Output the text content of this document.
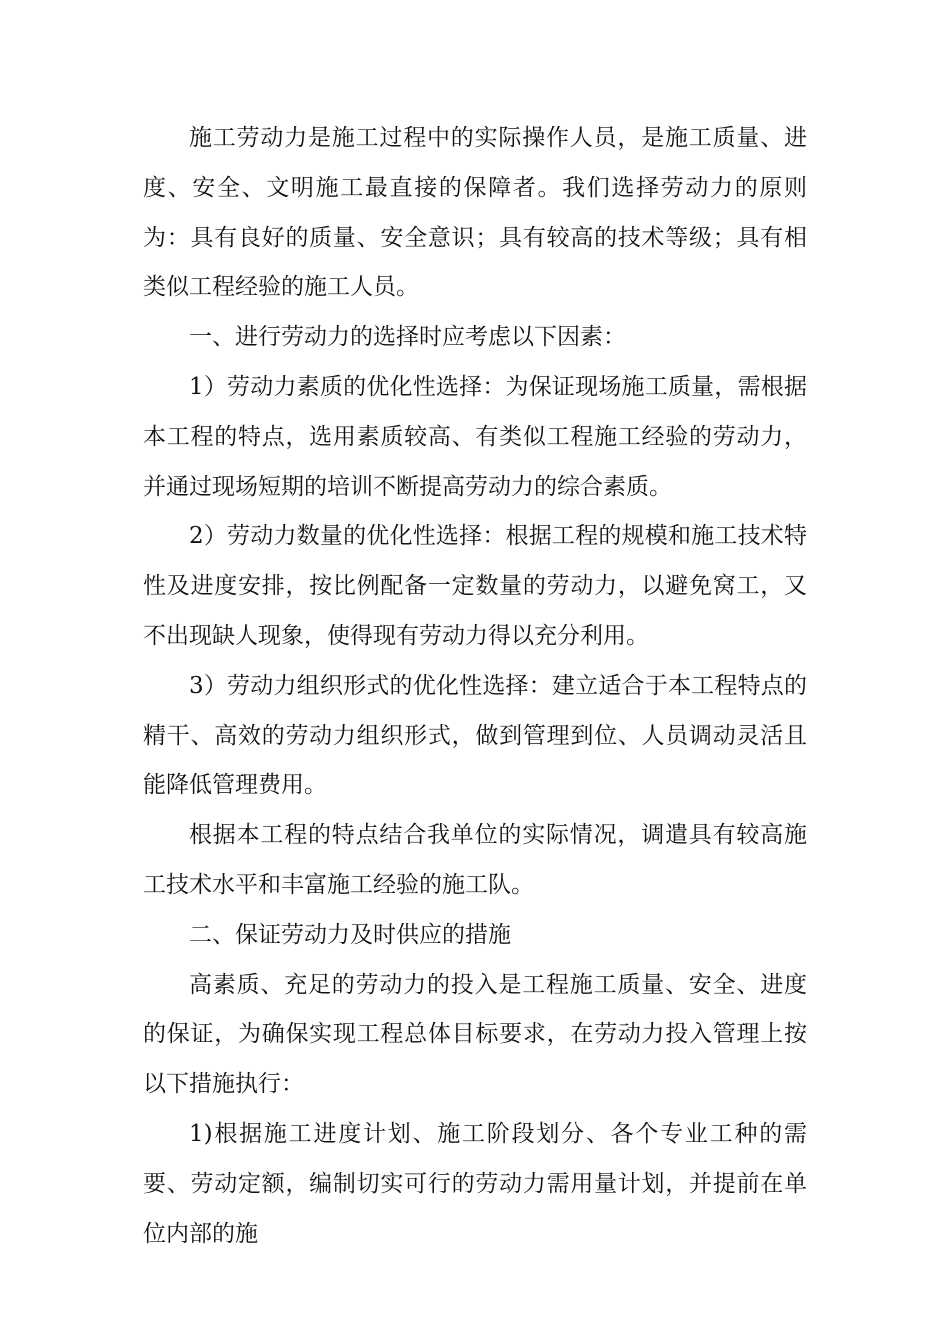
施工劳动力是施工过程中的实际操作人员，是施工质量、进度、安全、文明施工最直接的保障者。我们选择劳动力的原则为：具有良好的质量、安全意识；具有较高的技术等级；具有相类似工程经验的施工人员。

一、进行劳动力的选择时应考虑以下因素：

1）劳动力素质的优化性选择：为保证现场施工质量，需根据本工程的特点，选用素质较高、有类似工程施工经验的劳动力，并通过现场短期的培训不断提高劳动力的综合素质。

2）劳动力数量的优化性选择：根据工程的规模和施工技术特性及进度安排，按比例配备一定数量的劳动力，以避免窝工，又不出现缺人现象，使得现有劳动力得以充分利用。

3）劳动力组织形式的优化性选择：建立适合于本工程特点的精干、高效的劳动力组织形式，做到管理到位、人员调动灵活且能降低管理费用。

根据本工程的特点结合我单位的实际情况，调遣具有较高施工技术水平和丰富施工经验的施工队。

二、保证劳动力及时供应的措施

高素质、充足的劳动力的投入是工程施工质量、安全、进度的保证，为确保实现工程总体目标要求，在劳动力投入管理上按以下措施执行：

1)根据施工进度计划、施工阶段划分、各个专业工种的需要、劳动定额，编制切实可行的劳动力需用量计划，并提前在单位内部的施
